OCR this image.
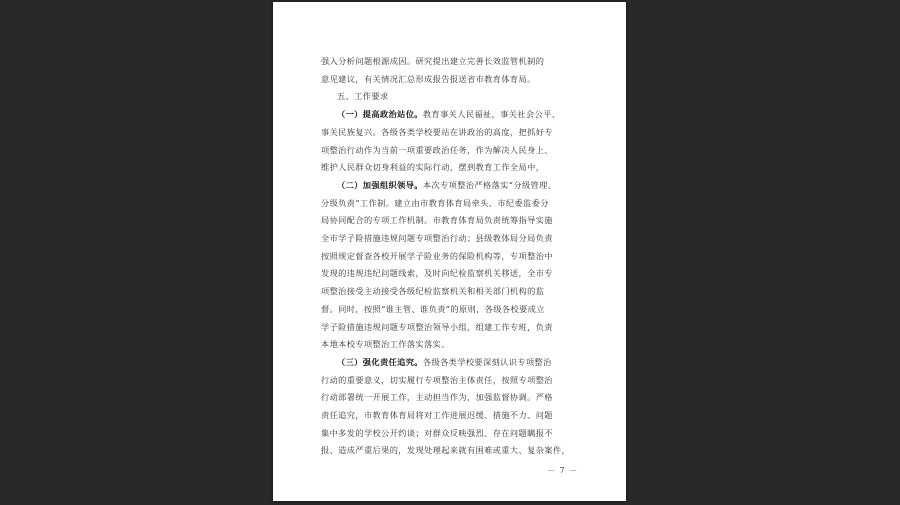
强入分析问题根源成因。研究提出建立完善长效监管机制的
意见建议，有关情况汇总形成报告报送省市教育体育局。
五、工作要求
（一）提高政治站位。教育事关人民福祉，事关社会公平、
事关民族复兴。各级各类学校要站在讲政治的高度，把抓好专
项整治行动作为当前一项重要政治任务，作为解决人民身上、
维护人民群众切身利益的实际行动，摆到教育工作全局中，
（二）加强组织领导。本次专项整治严格落实“分级管理、
分级负责”工作制。建立由市教育体育局牵头、市纪委监委分
局协同配合的专项工作机制。市教育体育局负责统筹指导实施
全市学子险措施违规问题专项整治行动；县级教体局分局负责
按照规定督查各校开展学子险业务的保险机构等，专项整治中
发现的违规违纪问题线索，及时向纪检监察机关移送，全市专
项整治接受主动接受各级纪检监察机关和相关部门机构的监
督。同时，按照“谁主管、谁负责”的原则，各级各校要成立
学子险措施违规问题专项整治领导小组，组建工作专班，负责
本地本校专项整治工作落实落实。
（三）强化责任追究。各级各类学校要深刻认识专项整治
行动的重要意义，切实履行专项整治主体责任，按照专项整治
行动部署统一开展工作，主动担当作为，加强监督协调。严格
责任追究，市教育体育局将对工作进展迟缓、措施不力、问题
集中多发的学校公开约谈；对群众反映强烈、存在问题瞒报不
报、造成严重后果的，发现处理起来就有困难或重大、复杂案件，
－ 7 －
